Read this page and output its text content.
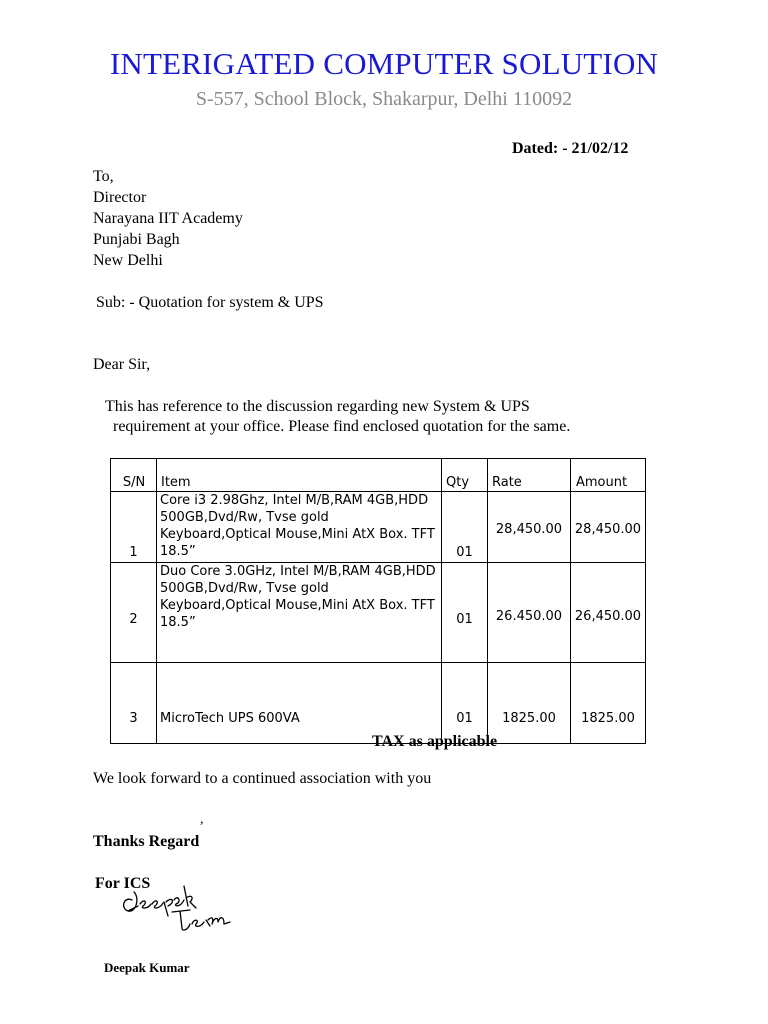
INTERIGATED COMPUTER SOLUTION
S-557, School Block, Shakarpur, Delhi 110092
Dated: - 21/02/12
To,
Director
Narayana IIT Academy
Punjabi Bagh
New Delhi
Sub: - Quotation for system & UPS
Dear Sir,
This has reference to the discussion regarding new System & UPS
requirement at your office. Please find enclosed quotation for the same.
S/N	Item	Qty	Rate	Amount
1	Core i3 2.98Ghz, Intel M/B,RAM 4GB,HDD 500GB,Dvd/Rw, Tvse gold Keyboard,Optical Mouse,Mini AtX Box. TFT 18.5”	01	28,450.00	28,450.00
2	Duo Core 3.0GHz, Intel M/B,RAM 4GB,HDD 500GB,Dvd/Rw, Tvse gold Keyboard,Optical Mouse,Mini AtX Box. TFT 18.5”	01	26.450.00	26,450.00
3	MicroTech UPS 600VA	01	1825.00	1825.00
TAX as applicable
We look forward to a continued association with you
,
Thanks Regard
For ICS
Deepak Kumar
